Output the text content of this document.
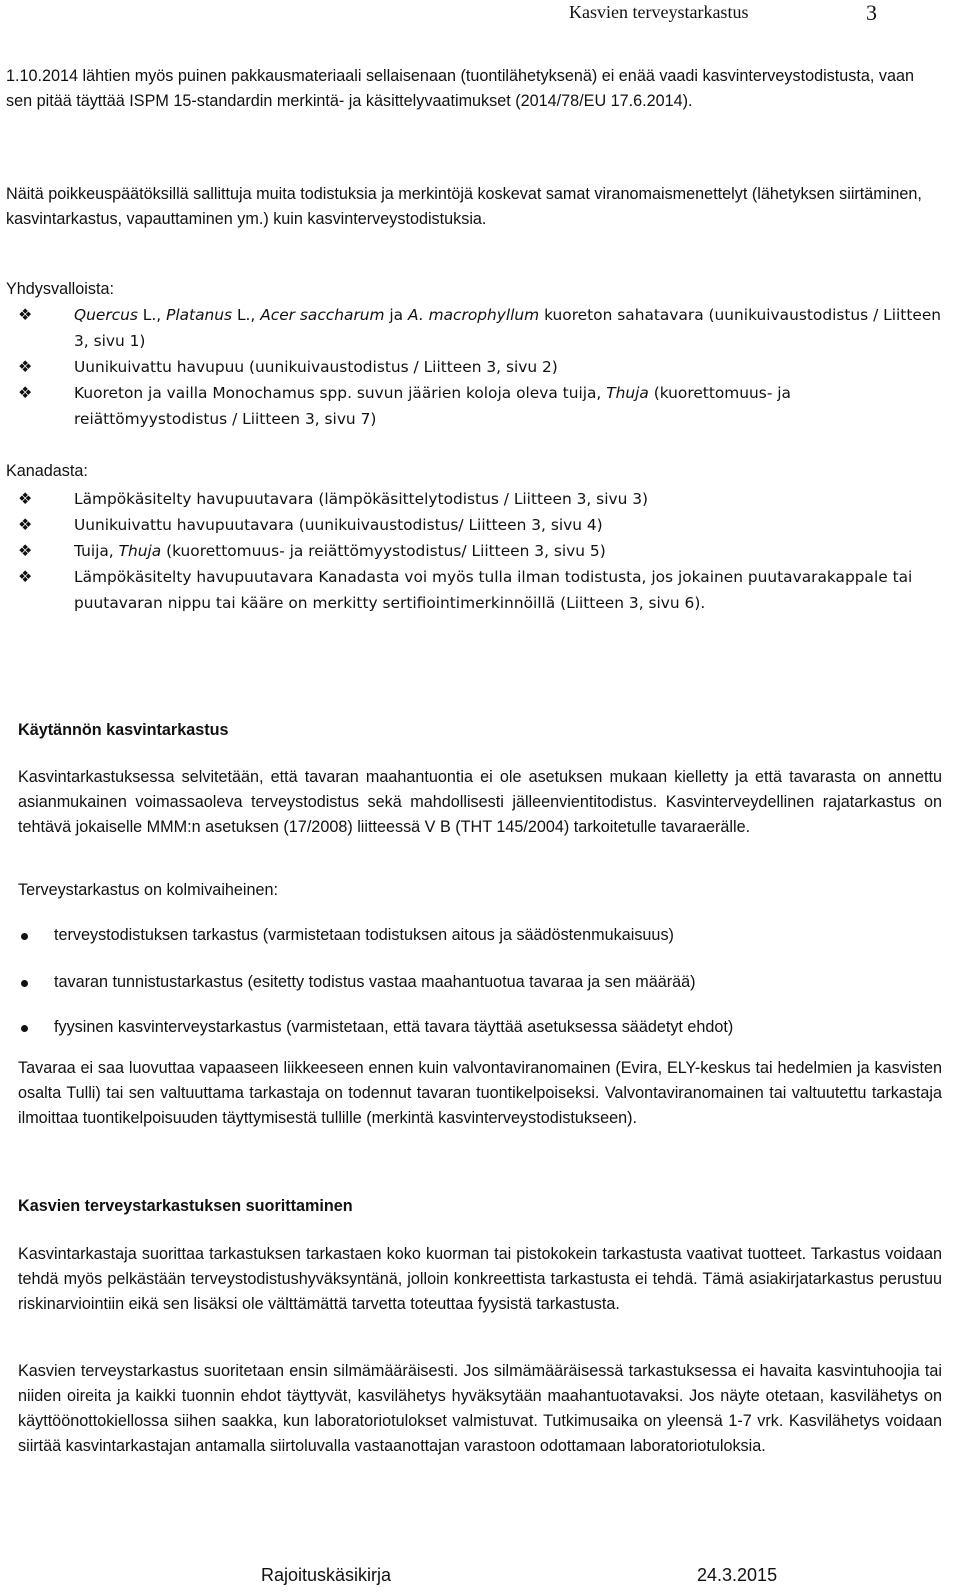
Kasvien terveystarkastus	3

1.10.2014 lähtien myös puinen pakkausmateriaali sellaisenaan (tuontilähetyksenä) ei enää vaadi kasvinterveystodistusta, vaan sen pitää täyttää ISPM 15-standardin merkintä- ja käsittelyvaatimukset (2014/78/EU 17.6.2014).

Näitä poikkeuspäätöksillä sallittuja muita todistuksia ja merkintöjä koskevat samat viranomaismenettelyt (lähetyksen siirtäminen, kasvintarkastus, vapauttaminen ym.) kuin kasvinterveystodistuksia.

Yhdysvalloista:
❖	Quercus L., Platanus L., Acer saccharum ja A. macrophyllum kuoreton sahatavara (uunikuivaustodistus / Liitteen 3, sivu 1)
❖	Uunikuivattu havupuu (uunikuivaustodistus / Liitteen 3, sivu 2)
❖	Kuoreton ja vailla Monochamus spp. suvun jäärien koloja oleva tuija, Thuja (kuorettomuus- ja reiättömyystodistus / Liitteen 3, sivu 7)
Kanadasta:
❖	Lämpökäsitelty havupuutavara (lämpökäsittelytodistus / Liitteen 3, sivu 3)
❖	Uunikuivattu havupuutavara (uunikuivaustodistus/ Liitteen 3, sivu 4)
❖	Tuija, Thuja (kuorettomuus- ja reiättömyystodistus/ Liitteen 3, sivu 5)
❖	Lämpökäsitelty havupuutavara Kanadasta voi myös tulla ilman todistusta, jos jokainen puutavarakappale tai puutavaran nippu tai kääre on merkitty sertifiointimerkinnöillä (Liitteen 3, sivu 6).
Käytännön kasvintarkastus

Kasvintarkastuksessa selvitetään, että tavaran maahantuontia ei ole asetuksen mukaan kielletty ja että tavarasta on annettu asianmukainen voimassaoleva terveystodistus sekä mahdollisesti jälleenvientitodistus. Kasvinterveydellinen rajatarkastus on tehtävä jokaiselle MMM:n asetuksen (17/2008) liitteessä V B (THT 145/2004) tarkoitetulle tavaraerälle.

Terveystarkastus on kolmivaiheinen:
terveystodistuksen tarkastus (varmistetaan todistuksen aitous ja säädöstenmukaisuus)
tavaran tunnistustarkastus (esitetty todistus vastaa maahantuotua tavaraa ja sen määrää)
fyysinen kasvinterveystarkastus (varmistetaan, että tavara täyttää asetuksessa säädetyt ehdot)

Tavaraa ei saa luovuttaa vapaaseen liikkeeseen ennen kuin valvontaviranomainen (Evira, ELY-keskus tai hedelmien ja kasvisten osalta Tulli) tai sen valtuuttama tarkastaja on todennut tavaran tuontikelpoiseksi. Valvontaviranomainen tai valtuutettu tarkastaja ilmoittaa tuontikelpoisuuden täyttymisestä tullille (merkintä kasvinterveystodistukseen).

Kasvien terveystarkastuksen suorittaminen

Kasvintarkastaja suorittaa tarkastuksen tarkastaen koko kuorman tai pistokokein tarkastusta vaativat tuotteet. Tarkastus voidaan tehdä myös pelkästään terveystodistushyväksyntänä, jolloin konkreettista tarkastusta ei tehdä. Tämä asiakirjatarkastus perustuu riskinarviointiin eikä sen lisäksi ole välttämättä tarvetta toteuttaa fyysistä tarkastusta.

Kasvien terveystarkastus suoritetaan ensin silmämääräisesti. Jos silmämääräisessä tarkastuksessa ei havaita kasvintuhoojia tai niiden oireita ja kaikki tuonnin ehdot täyttyvät, kasvilähetys hyväksytään maahantuotavaksi. Jos näyte otetaan, kasvilähetys on käyttöönottokiellossa siihen saakka, kun laboratoriotulokset valmistuvat. Tutkimusaika on yleensä 1-7 vrk. Kasvilähetys voidaan siirtää kasvintarkastajan antamalla siirtoluvalla vastaanottajan varastoon odottamaan laboratoriotuloksia.

Rajoituskäsikirja	24.3.2015
